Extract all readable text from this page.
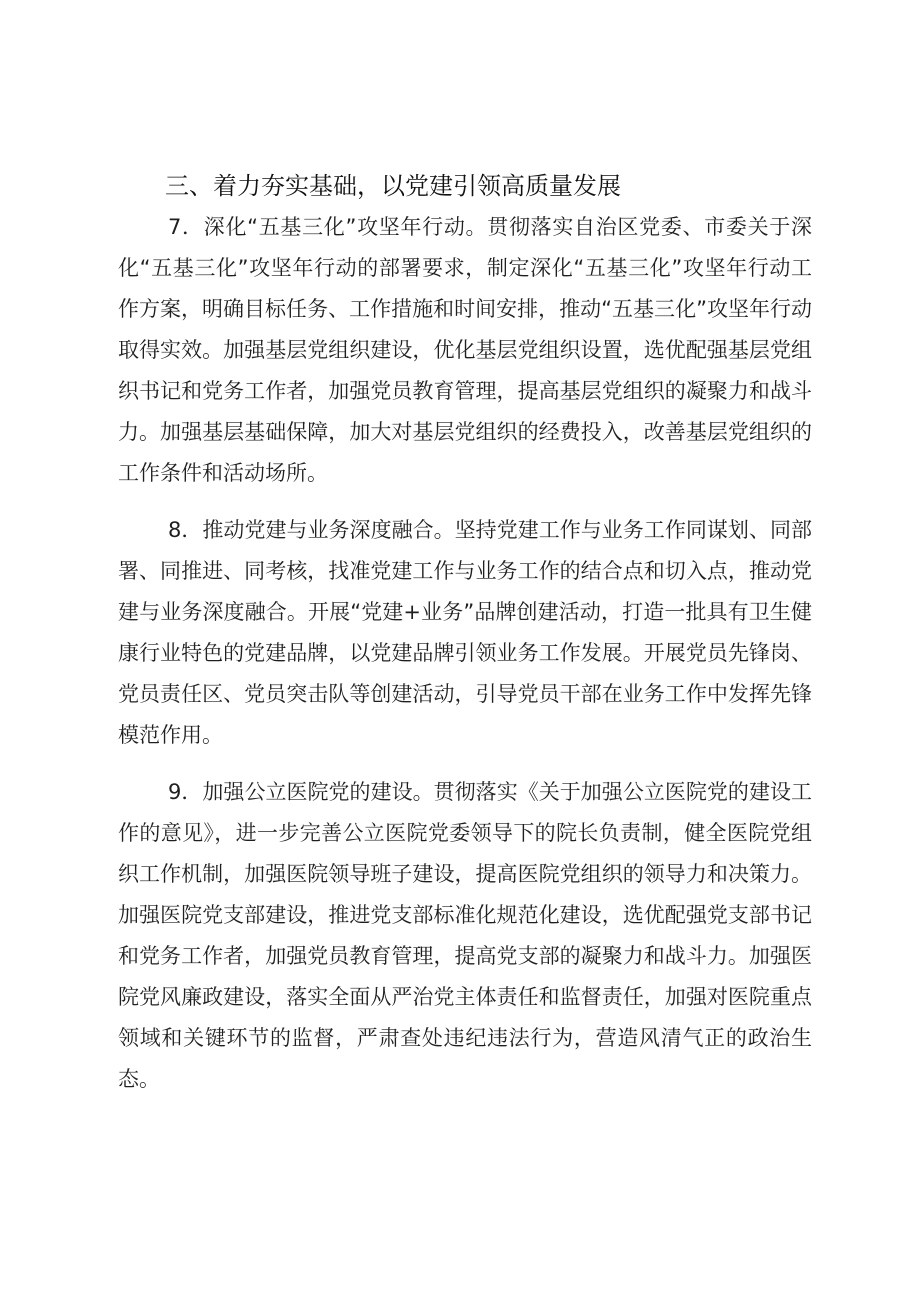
三、着力夯实基础，以党建引领高质量发展

7．深化“五基三化”攻坚年行动。贯彻落实自治区党委、市委关于深化“五基三化”攻坚年行动的部署要求，制定深化“五基三化”攻坚年行动工作方案，明确目标任务、工作措施和时间安排，推动“五基三化”攻坚年行动取得实效。加强基层党组织建设，优化基层党组织设置，选优配强基层党组织书记和党务工作者，加强党员教育管理，提高基层党组织的凝聚力和战斗力。加强基层基础保障，加大对基层党组织的经费投入，改善基层党组织的工作条件和活动场所。

8．推动党建与业务深度融合。坚持党建工作与业务工作同谋划、同部署、同推进、同考核，找准党建工作与业务工作的结合点和切入点，推动党建与业务深度融合。开展“党建+业务”品牌创建活动，打造一批具有卫生健康行业特色的党建品牌，以党建品牌引领业务工作发展。开展党员先锋岗、党员责任区、党员突击队等创建活动，引导党员干部在业务工作中发挥先锋模范作用。

9．加强公立医院党的建设。贯彻落实《关于加强公立医院党的建设工作的意见》，进一步完善公立医院党委领导下的院长负责制，健全医院党组织工作机制，加强医院领导班子建设，提高医院党组织的领导力和决策力。加强医院党支部建设，推进党支部标准化规范化建设，选优配强党支部书记和党务工作者，加强党员教育管理，提高党支部的凝聚力和战斗力。加强医院党风廉政建设，落实全面从严治党主体责任和监督责任，加强对医院重点领域和关键环节的监督，严肃查处违纪违法行为，营造风清气正的政治生态。
